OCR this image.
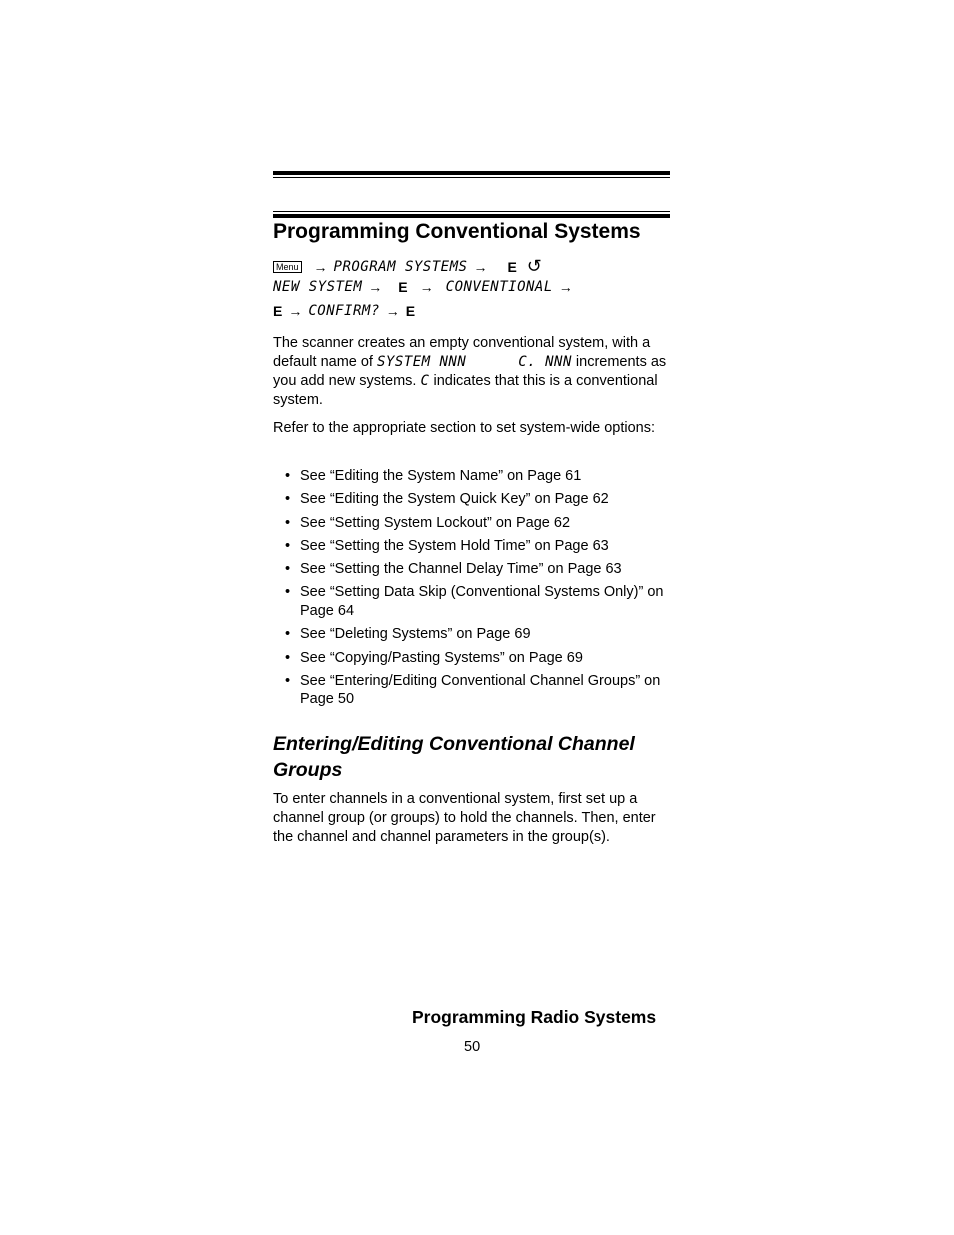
Programming Conventional Systems
Menu → PROGRAM SYSTEMS → E ↺
NEW SYSTEM → E → CONVENTIONAL →
E → CONFIRM? → E

The scanner creates an empty conventional system, with a default name of SYSTEM NNN	C. NNN increments as you add new systems. C indicates that this is a conventional system.

Refer to the appropriate section to set system-wide options:

• See “Editing the System Name” on Page 61
• See “Editing the System Quick Key” on Page 62
• See “Setting System Lockout” on Page 62
• See “Setting the System Hold Time” on Page 63
• See “Setting the Channel Delay Time” on Page 63
• See “Setting Data Skip (Conventional Systems Only)” on Page 64
• See “Deleting Systems” on Page 69
• See “Copying/Pasting Systems” on Page 69
• See “Entering/Editing Conventional Channel Groups” on Page 50
Entering/Editing Conventional Channel Groups

To enter channels in a conventional system, first set up a channel group (or groups) to hold the channels. Then, enter the channel and channel parameters in the group(s).

Programming Radio Systems
50
